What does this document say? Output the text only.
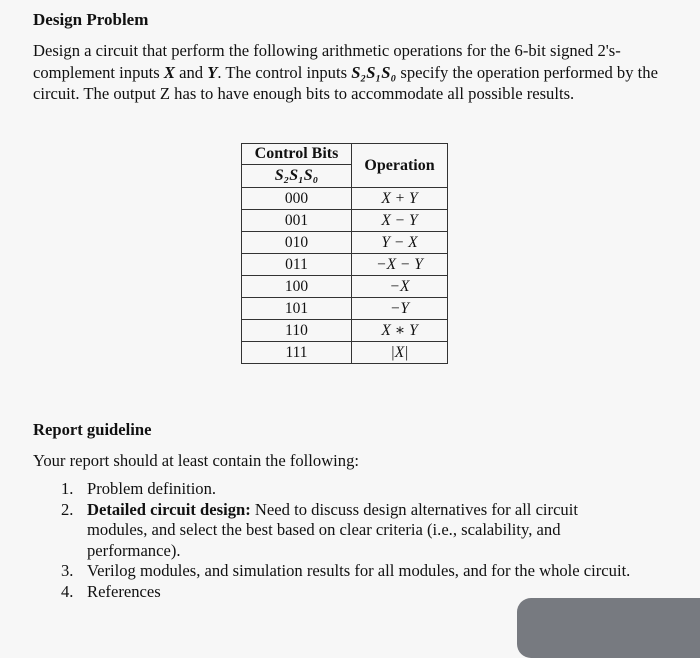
Design Problem
Design a circuit that perform the following arithmetic operations for the 6-bit signed 2's-complement inputs X and Y. The control inputs S₂S₁S₀ specify the operation performed by the circuit. The output Z has to have enough bits to accommodate all possible results.
Control Bits	Operation
S₂S₁S₀	
000	X + Y
001	X − Y
010	Y − X
011	−X − Y
100	−X
101	−Y
110	X ∗ Y
111	|X|
Report guideline
Your report should at least contain the following:
1. Problem definition.
2. Detailed circuit design: Need to discuss design alternatives for all circuit modules, and select the best based on clear criteria (i.e., scalability, and performance).
3. Verilog modules, and simulation results for all modules, and for the whole circuit.
4. References
